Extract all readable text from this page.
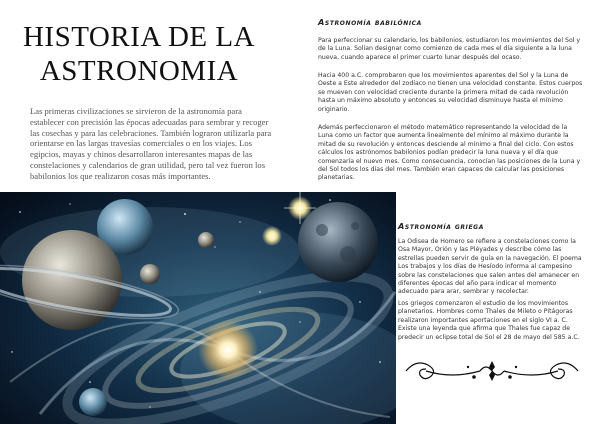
HISTORIA DE LA ASTRONOMIA

Las primeras civilizaciones se sirvieron de la astronomía para establecer con precisión las épocas adecuadas para sembrar y recoger las cosechas y para las celebraciones. También lograron utilizarla para orientarse en las largas travesías comerciales o en los viajes. Los egipcios, mayas y chinos desarrollaron interesantes mapas de las constelaciones y calendarios de gran utilidad, pero tal vez fueron los babilonios los que realizaron cosas más importantes.

Astronomía babilónica

Para perfeccionar su calendario, los babilonios, estudiaron los movimientos del Sol y de la Luna. Solían designar como comienzo de cada mes el día siguiente a la luna nueva, cuando aparece el primer cuarto lunar después del ocaso.

Hacia 400 a.C. comprobaron que los movimientos aparentes del Sol y la Luna de Oeste a Este alrededor del zodíaco no tienen una velocidad constante. Estos cuerpos se mueven con velocidad creciente durante la primera mitad de cada revolución hasta un máximo absoluto y entonces su velocidad disminuye hasta el mínimo originario.

Además perfeccionaron el método matemático representando la velocidad de la Luna como un factor que aumenta linealmente del mínimo al máximo durante la mitad de su revolución y entonces desciende al mínimo a final del ciclo. Con estos cálculos los astrónomos babilonios podían predecir la luna nueva y el día que comenzaría el nuevo mes. Como consecuencia, conocían las posiciones de la Luna y del Sol todos los días del mes. También eran capaces de calcular las posiciones planetarias.

Astronomía griega

La Odisea de Homero se refiere a constelaciones como la Osa Mayor, Orión y las Pléyades y describe cómo las estrellas pueden servir de guía en la navegación. El poema Los trabajos y los días de Hesíodo informa al campesino sobre las constelaciones que salen antes del amanecer en diferentes épocas del año para indicar el momento adecuado para arar, sembrar y recolectar.

Los griegos comenzaron el estudio de los movimientos planetarios. Hombres como Thales de Mileto o Pitágoras realizaron importantes aportaciones en el siglo VI a. C. Existe una leyenda que afirma que Thales fue capaz de predecir un eclipse total de Sol el 28 de mayo del 585 a.C.
